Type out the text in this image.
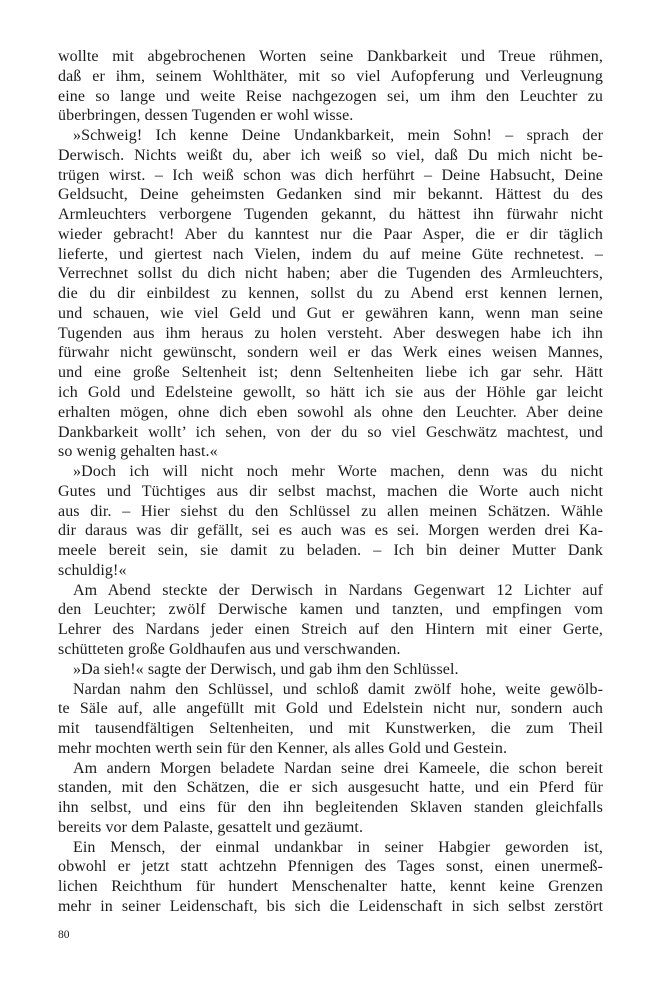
wollte mit abgebrochenen Worten seine Dankbarkeit und Treue rühmen,
daß er ihm, seinem Wohlthäter, mit so viel Aufopferung und Verleugnung
eine so lange und weite Reise nachgezogen sei, um ihm den Leuchter zu
überbringen, dessen Tugenden er wohl wisse.
»Schweig! Ich kenne Deine Undankbarkeit, mein Sohn! – sprach der
Derwisch. Nichts weißt du, aber ich weiß so viel, daß Du mich nicht be-
trügen wirst. – Ich weiß schon was dich herführt – Deine Habsucht, Deine
Geldsucht, Deine geheimsten Gedanken sind mir bekannt. Hättest du des
Armleuchters verborgene Tugenden gekannt, du hättest ihn fürwahr nicht
wieder gebracht! Aber du kanntest nur die Paar Asper, die er dir täglich
lieferte, und giertest nach Vielen, indem du auf meine Güte rechnetest. –
Verrechnet sollst du dich nicht haben; aber die Tugenden des Armleuchters,
die du dir einbildest zu kennen, sollst du zu Abend erst kennen lernen,
und schauen, wie viel Geld und Gut er gewähren kann, wenn man seine
Tugenden aus ihm heraus zu holen versteht. Aber deswegen habe ich ihn
fürwahr nicht gewünscht, sondern weil er das Werk eines weisen Mannes,
und eine große Seltenheit ist; denn Seltenheiten liebe ich gar sehr. Hätt
ich Gold und Edelsteine gewollt, so hätt ich sie aus der Höhle gar leicht
erhalten mögen, ohne dich eben sowohl als ohne den Leuchter. Aber deine
Dankbarkeit wollt’ ich sehen, von der du so viel Geschwätz machtest, und
so wenig gehalten hast.«
»Doch ich will nicht noch mehr Worte machen, denn was du nicht
Gutes und Tüchtiges aus dir selbst machst, machen die Worte auch nicht
aus dir. – Hier siehst du den Schlüssel zu allen meinen Schätzen. Wähle
dir daraus was dir gefällt, sei es auch was es sei. Morgen werden drei Ka-
meele bereit sein, sie damit zu beladen. – Ich bin deiner Mutter Dank
schuldig!«
Am Abend steckte der Derwisch in Nardans Gegenwart 12 Lichter auf
den Leuchter; zwölf Derwische kamen und tanzten, und empfingen vom
Lehrer des Nardans jeder einen Streich auf den Hintern mit einer Gerte,
schütteten große Goldhaufen aus und verschwanden.
»Da sieh!« sagte der Derwisch, und gab ihm den Schlüssel.
Nardan nahm den Schlüssel, und schloß damit zwölf hohe, weite gewölb-
te Säle auf, alle angefüllt mit Gold und Edelstein nicht nur, sondern auch
mit tausendfältigen Seltenheiten, und mit Kunstwerken, die zum Theil
mehr mochten werth sein für den Kenner, als alles Gold und Gestein.
Am andern Morgen beladete Nardan seine drei Kameele, die schon bereit
standen, mit den Schätzen, die er sich ausgesucht hatte, und ein Pferd für
ihn selbst, und eins für den ihn begleitenden Sklaven standen gleichfalls
bereits vor dem Palaste, gesattelt und gezäumt.
Ein Mensch, der einmal undankbar in seiner Habgier geworden ist,
obwohl er jetzt statt achtzehn Pfennigen des Tages sonst, einen unermeß-
lichen Reichthum für hundert Menschenalter hatte, kennt keine Grenzen
mehr in seiner Leidenschaft, bis sich die Leidenschaft in sich selbst zerstört
80
